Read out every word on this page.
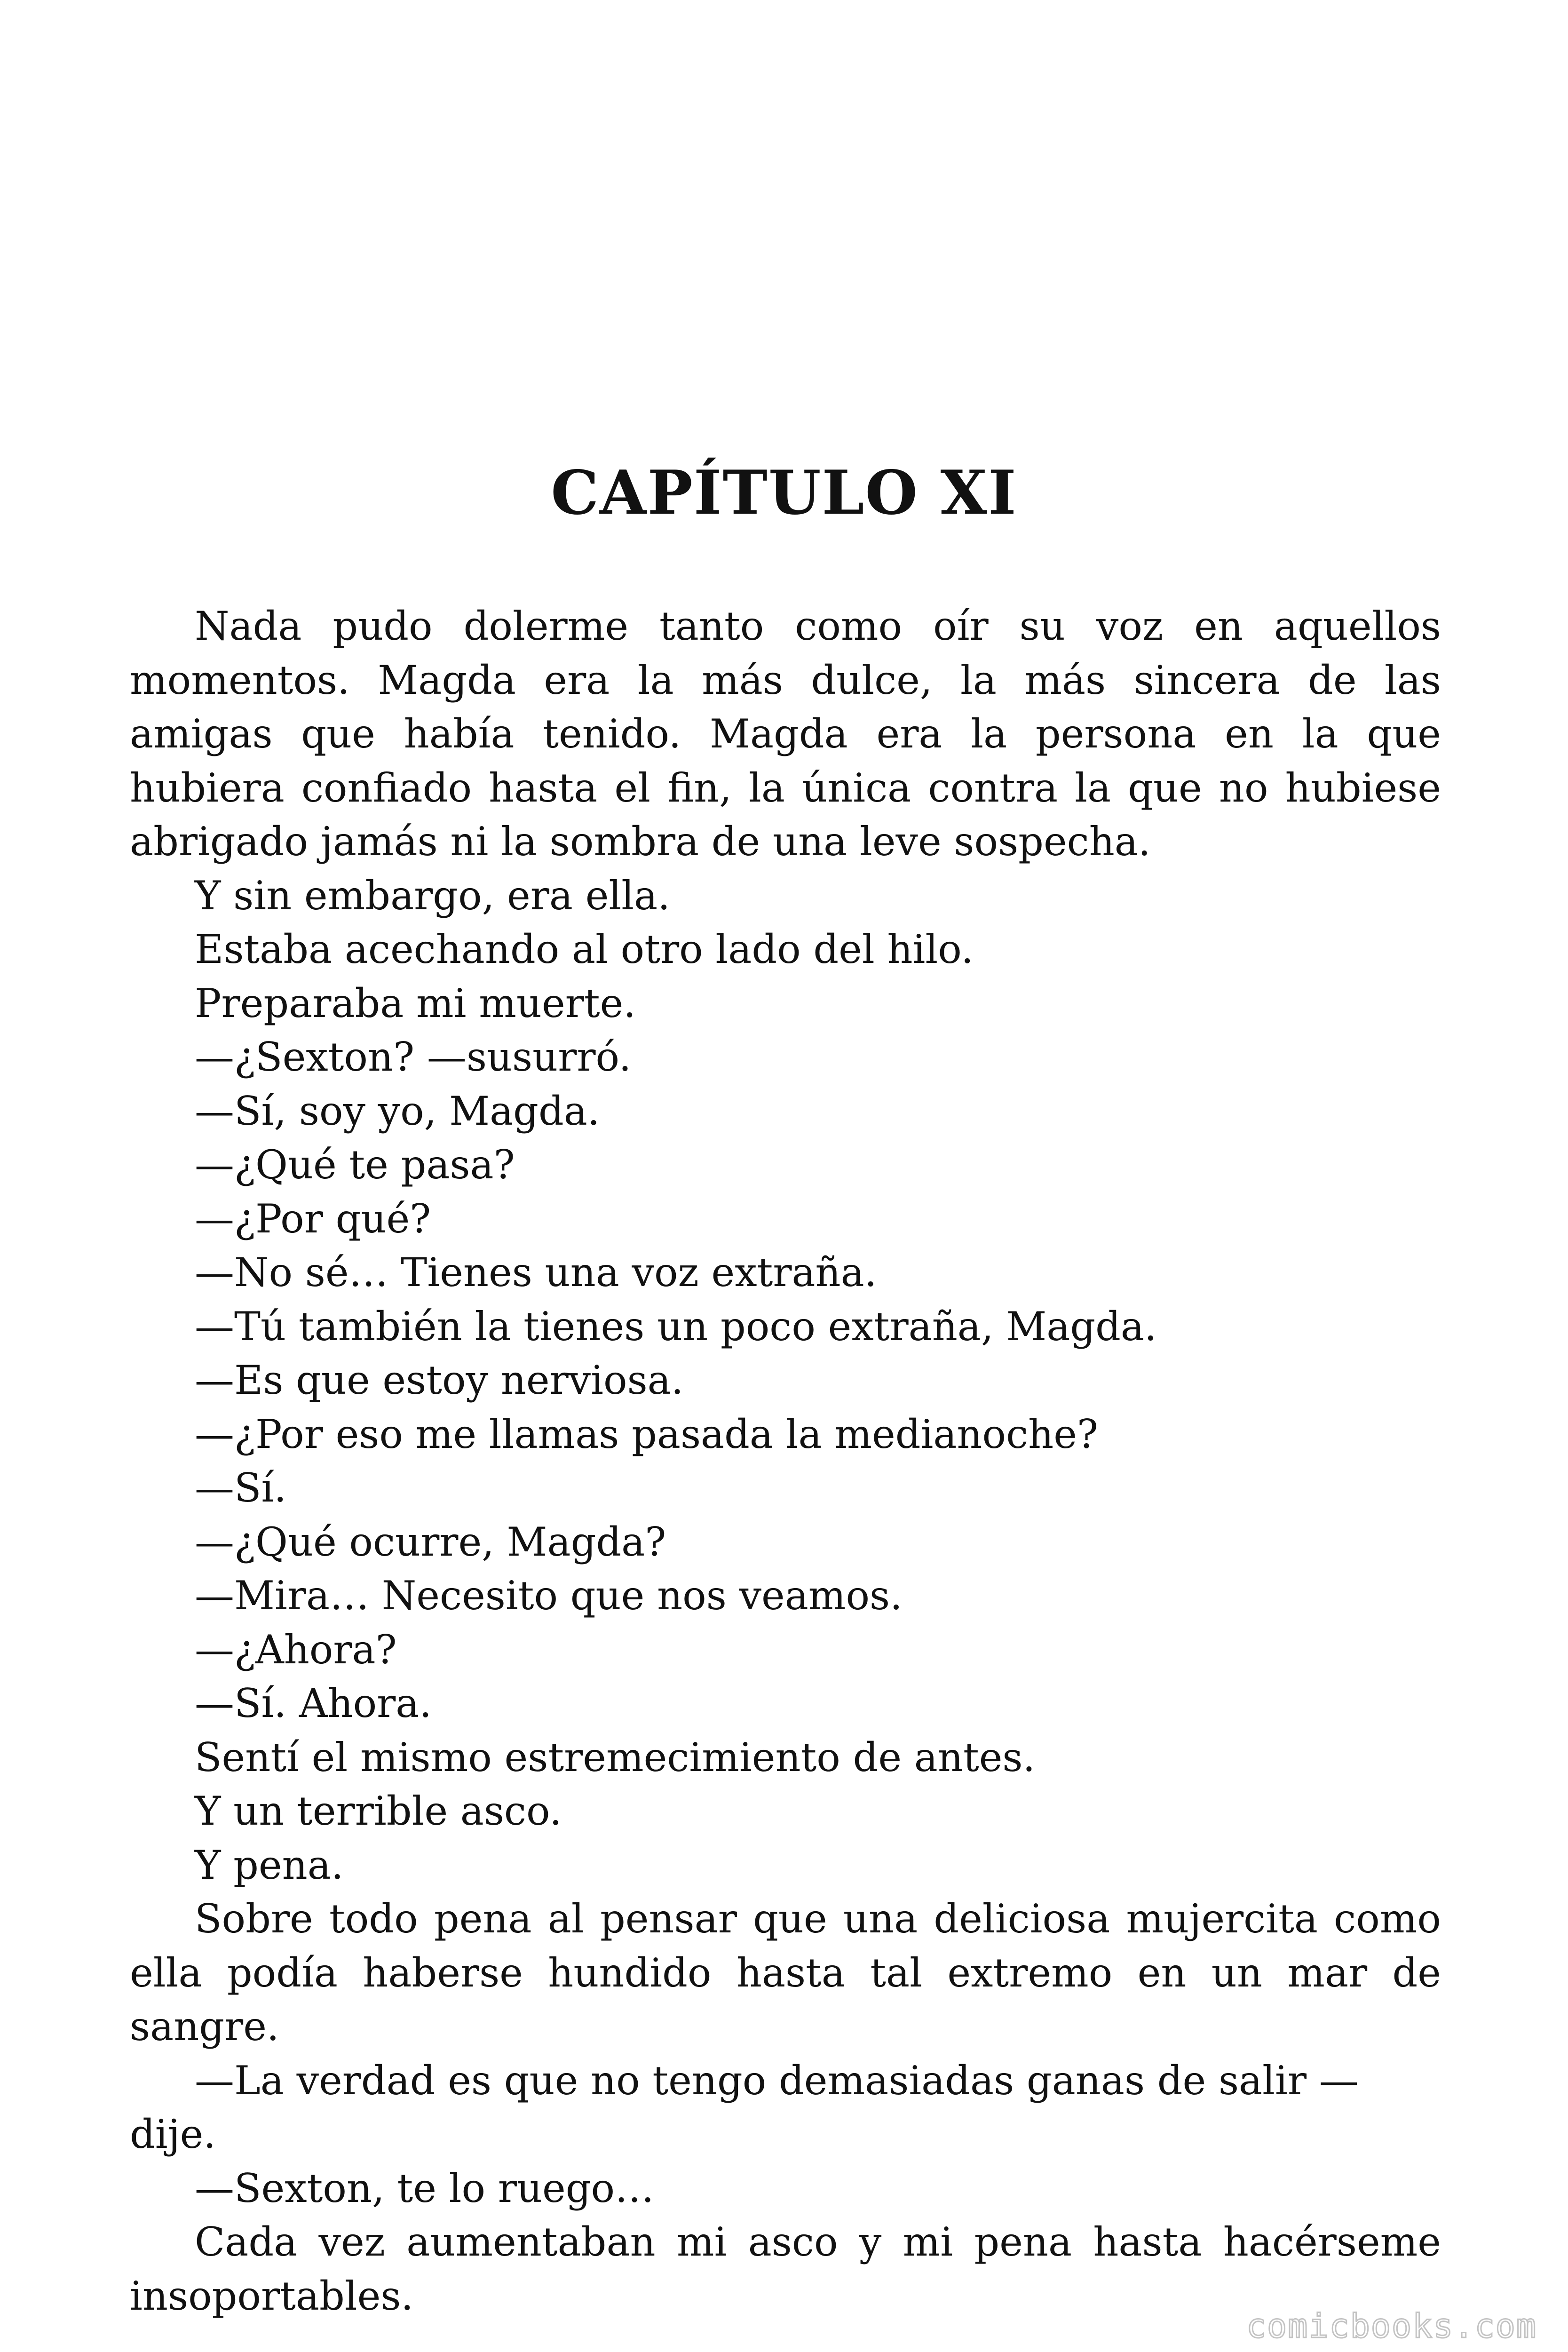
CAPÍTULO XI

Nada pudo dolerme tanto como oír su voz en aquellos momentos. Magda era la más dulce, la más sincera de las amigas que había tenido. Magda era la persona en la que hubiera confiado hasta el fin, la única contra la que no hubiese abrigado jamás ni la sombra de una leve sospecha.

Y sin embargo, era ella.

Estaba acechando al otro lado del hilo.

Preparaba mi muerte.

—¿Sexton? —susurró.

—Sí, soy yo, Magda.

—¿Qué te pasa?

—¿Por qué?

—No sé… Tienes una voz extraña.

—Tú también la tienes un poco extraña, Magda.

—Es que estoy nerviosa.

—¿Por eso me llamas pasada la medianoche?

—Sí.

—¿Qué ocurre, Magda?

—Mira… Necesito que nos veamos.

—¿Ahora?

—Sí. Ahora.

Sentí el mismo estremecimiento de antes.

Y un terrible asco.

Y pena.

Sobre todo pena al pensar que una deliciosa mujercita como ella podía haberse hundido hasta tal extremo en un mar de sangre.

—La verdad es que no tengo demasiadas ganas de salir —dije.

—Sexton, te lo ruego…

Cada vez aumentaban mi asco y mi pena hasta hacérseme insoportables.

comicbooks.com
